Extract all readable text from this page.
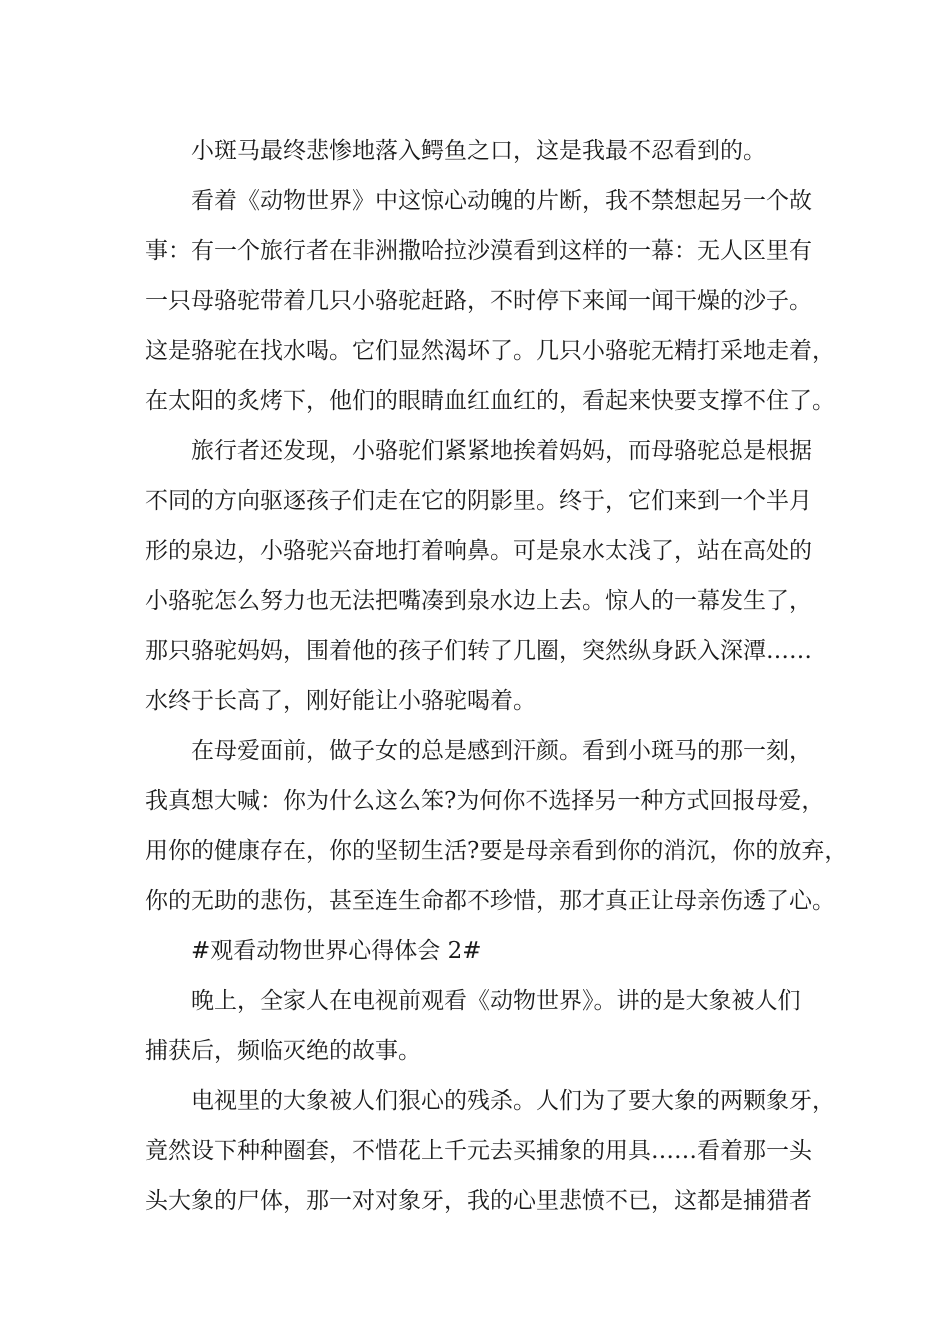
小斑马最终悲惨地落入鳄鱼之口，这是我最不忍看到的。
看着《动物世界》中这惊心动魄的片断，我不禁想起另一个故
事：有一个旅行者在非洲撒哈拉沙漠看到这样的一幕：无人区里有
一只母骆驼带着几只小骆驼赶路，不时停下来闻一闻干燥的沙子。
这是骆驼在找水喝。它们显然渴坏了。几只小骆驼无精打采地走着，
在太阳的炙烤下，他们的眼睛血红血红的，看起来快要支撑不住了。
旅行者还发现，小骆驼们紧紧地挨着妈妈，而母骆驼总是根据
不同的方向驱逐孩子们走在它的阴影里。终于，它们来到一个半月
形的泉边，小骆驼兴奋地打着响鼻。可是泉水太浅了，站在高处的
小骆驼怎么努力也无法把嘴凑到泉水边上去。惊人的一幕发生了，
那只骆驼妈妈，围着他的孩子们转了几圈，突然纵身跃入深潭……
水终于长高了，刚好能让小骆驼喝着。
在母爱面前，做子女的总是感到汗颜。看到小斑马的那一刻，
我真想大喊：你为什么这么笨?为何你不选择另一种方式回报母爱，
用你的健康存在，你的坚韧生活?要是母亲看到你的消沉，你的放弃，
你的无助的悲伤，甚至连生命都不珍惜，那才真正让母亲伤透了心。
#观看动物世界心得体会 2#
晚上，全家人在电视前观看《动物世界》。讲的是大象被人们
捕获后，频临灭绝的故事。
电视里的大象被人们狠心的残杀。人们为了要大象的两颗象牙，
竟然设下种种圈套，不惜花上千元去买捕象的用具……看着那一头
头大象的尸体，那一对对象牙，我的心里悲愤不已，这都是捕猎者
